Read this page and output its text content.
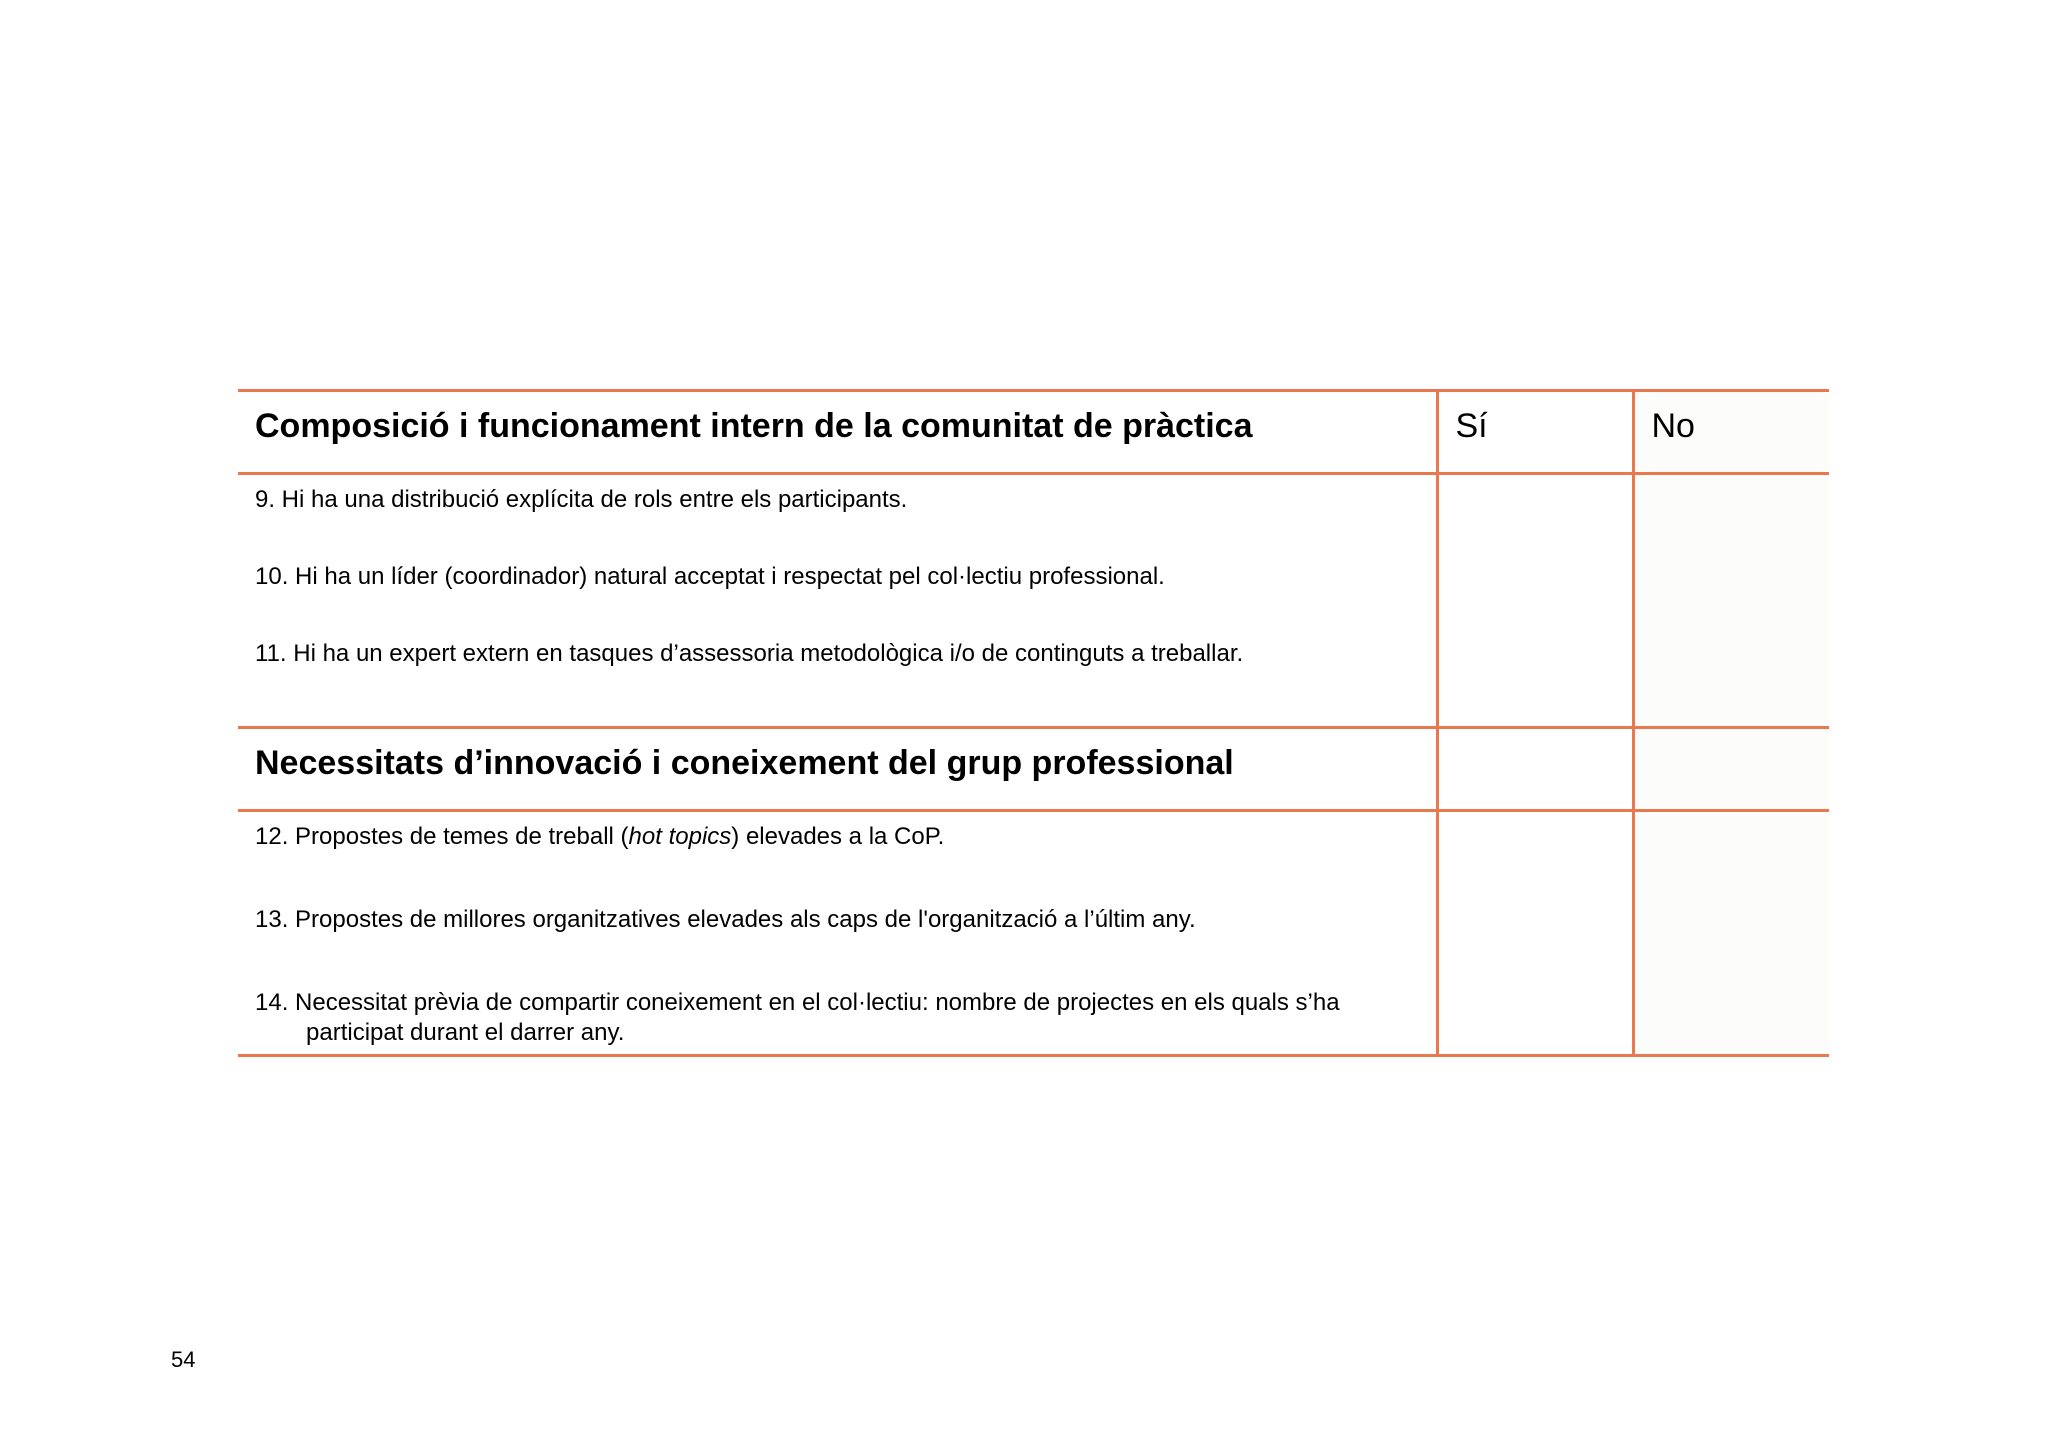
Composició i funcionament intern de la comunitat de pràctica	Sí	No

9. Hi ha una distribució explícita de rols entre els participants.
10. Hi ha un líder (coordinador) natural acceptat i respectat pel col·lectiu professional.
11. Hi ha un expert extern en tasques d’assessoria metodològica i/o de continguts a treballar.		

Necessitats d’innovació i coneixement del grup professional		

12. Propostes de temes de treball (hot topics) elevades a la CoP.
13. Propostes de millores organitzatives elevades als caps de l'organització a l’últim any.
14. Necessitat prèvia de compartir coneixement en el col·lectiu: nombre de projectes en els quals s’ha participat durant el darrer any.		

54
